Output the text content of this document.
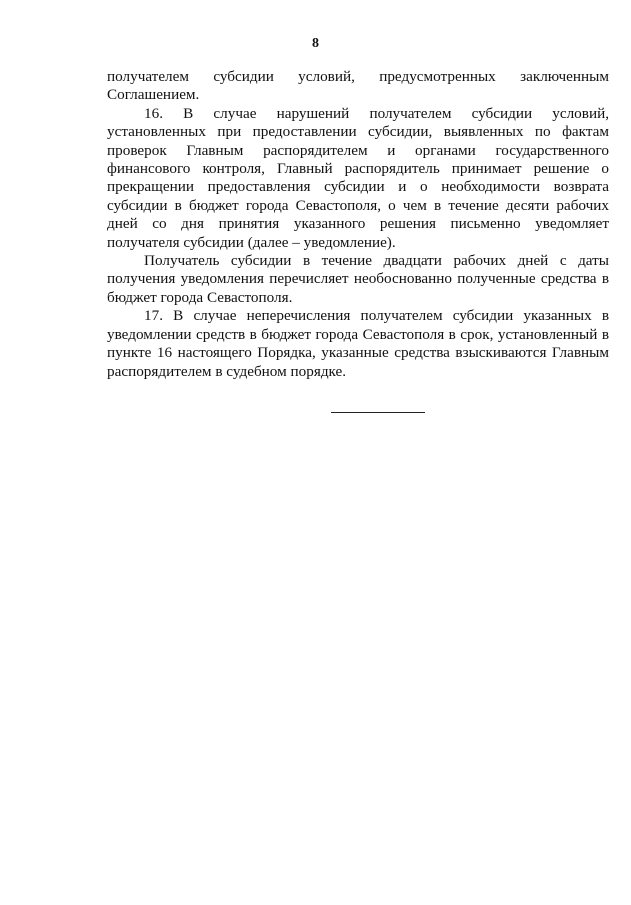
8

получателем субсидии условий, предусмотренных заключенным Соглашением.

16. В случае нарушений получателем субсидии условий, установленных при предоставлении субсидии, выявленных по фактам проверок Главным распорядителем и органами государственного финансового контроля, Главный распорядитель принимает решение о прекращении предоставления субсидии и о необходимости возврата субсидии в бюджет города Севастополя, о чем в течение десяти рабочих дней со дня принятия указанного решения письменно уведомляет получателя субсидии (далее – уведомление).

Получатель субсидии в течение двадцати рабочих дней с даты получения уведомления перечисляет необоснованно полученные средства в бюджет города Севастополя.

17. В случае неперечисления получателем субсидии указанных в уведомлении средств в бюджет города Севастополя в срок, установленный в пункте 16 настоящего Порядка, указанные средства взыскиваются Главным распорядителем в судебном порядке.
